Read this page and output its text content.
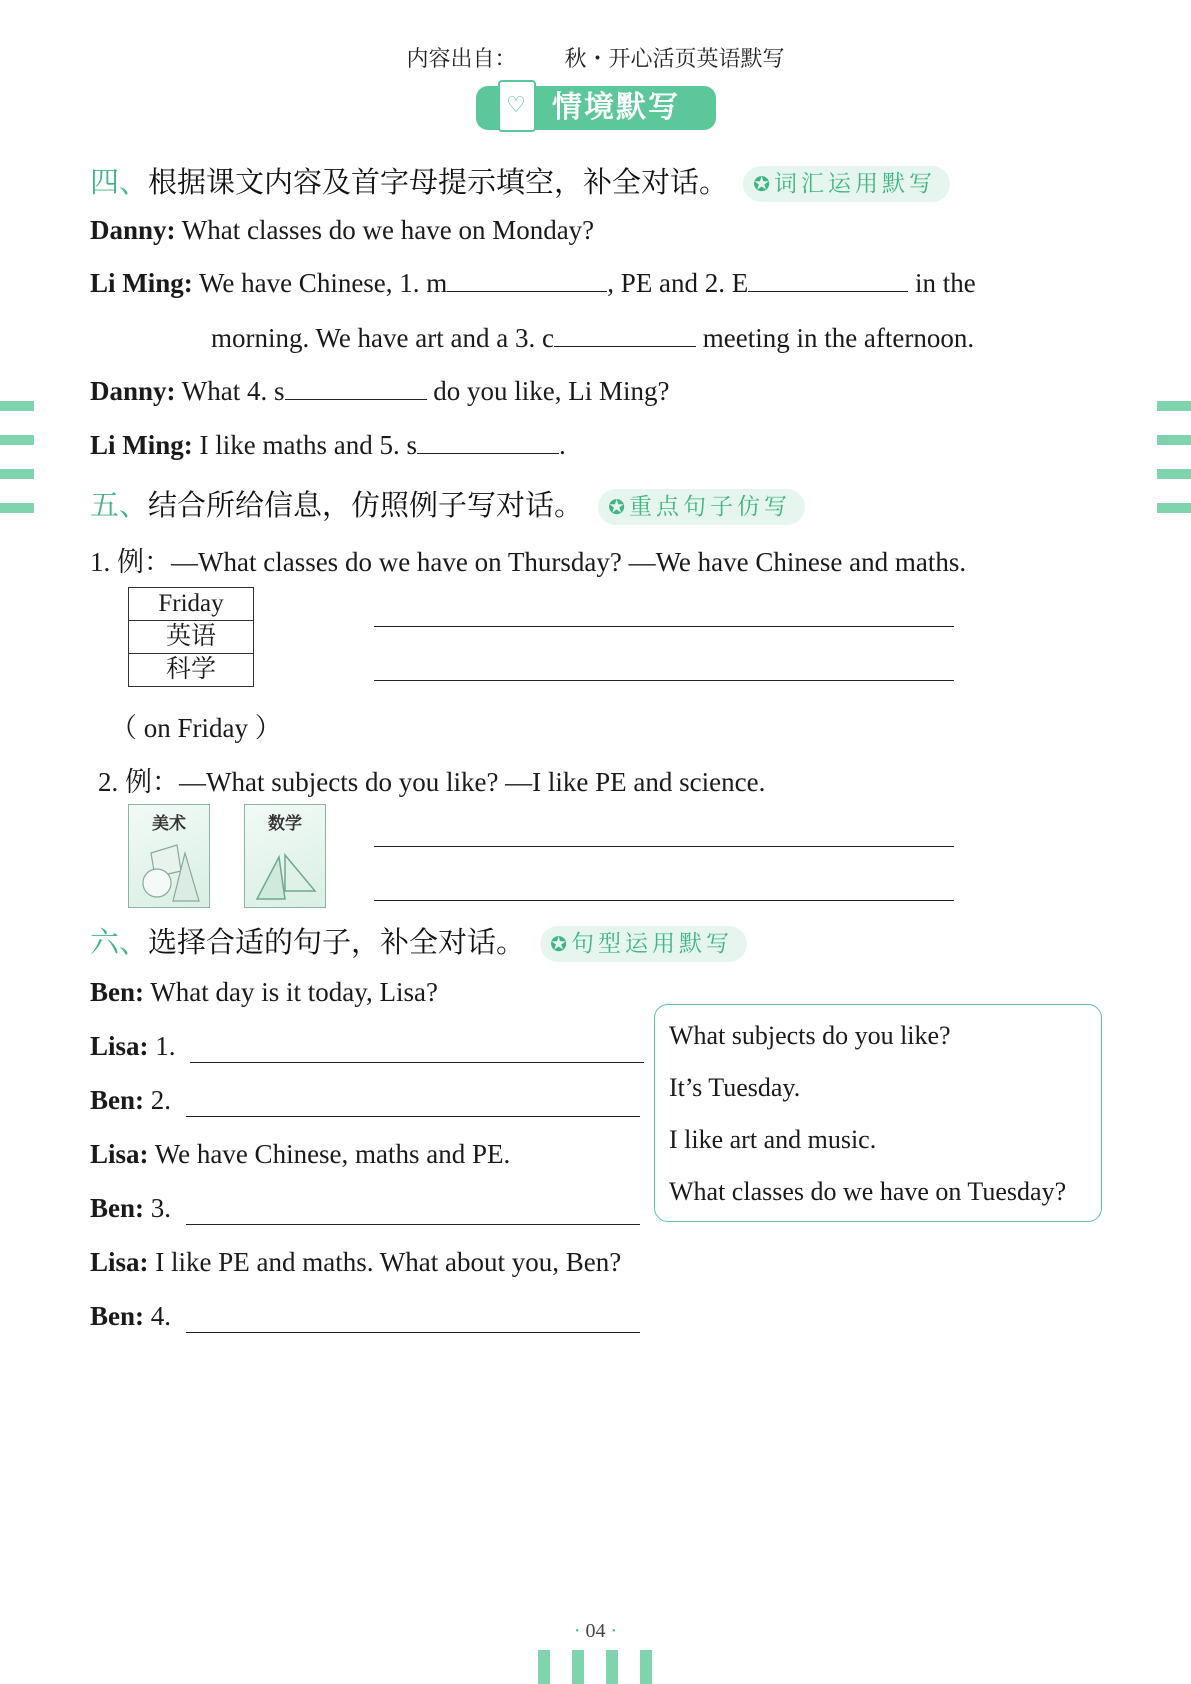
内容出自： 秋・开心活页英语默写
♡ 情境默写
四、根据课文内容及首字母提示填空，补全对话。 ✪ 词汇运用默写
Danny: What classes do we have on Monday?
Li Ming: We have Chinese, 1. m	, PE and 2. E	in the
morning. We have art and a 3. c	meeting in the afternoon.
Danny: What 4. s	do you like, Li Ming?
Li Ming: I like maths and 5. s	.
五、结合所给信息，仿照例子写对话。 ✪ 重点句子仿写
1. 例：—What classes do we have on Thursday? —We have Chinese and maths.
Friday
英语
科学
（ on Friday ）
2. 例：—What subjects do you like? —I like PE and science.
美术	数学
六、选择合适的句子，补全对话。 ✪ 句型运用默写
Ben: What day is it today, Lisa?
Lisa: 1.
Ben: 2.
Lisa: We have Chinese, maths and PE.
Ben: 3.
Lisa: I like PE and maths. What about you, Ben?
Ben: 4.
What subjects do you like?
It’s Tuesday.
I like art and music.
What classes do we have on Tuesday?
· 04 ·
